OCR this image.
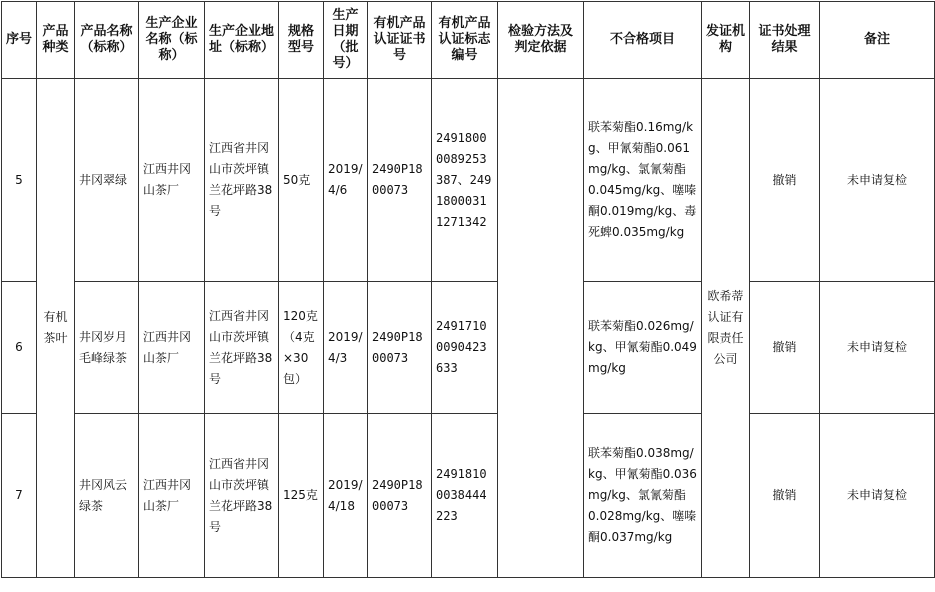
序号	产品种类	产品名称（标称）	生产企业名称（标称）	生产企业地址（标称）	规格型号	生产日期（批号）	有机产品认证证书号	有机产品认证标志编号	检验方法及判定依据	不合格项目	发证机构	证书处理结果	备注
5	有机茶叶	井冈翠绿	江西井冈山茶厂	江西省井冈山市茨坪镇兰花坪路38号	50克	2019/4/6	2490P1800073	24918000089253387、24918000311271342		联苯菊酯0.16mg/kg、甲氰菊酯0.061mg/kg、氯氰菊酯0.045mg/kg、噻嗪酮0.019mg/kg、毒死蜱0.035mg/kg	欧希蒂认证有限责任公司	撤销	未申请复检
6		井冈岁月毛峰绿茶	江西井冈山茶厂	江西省井冈山市茨坪镇兰花坪路38号	120克（4克×30包）	2019/4/3	2490P1800073	24917100090423633		联苯菊酯0.026mg/kg、甲氰菊酯0.049mg/kg		撤销	未申请复检
7		井冈风云绿茶	江西井冈山茶厂	江西省井冈山市茨坪镇兰花坪路38号	125克	2019/4/18	2490P1800073	24918100038444223		联苯菊酯0.038mg/kg、甲氰菊酯0.036mg/kg、氯氰菊酯0.028mg/kg、噻嗪酮0.037mg/kg		撤销	未申请复检
